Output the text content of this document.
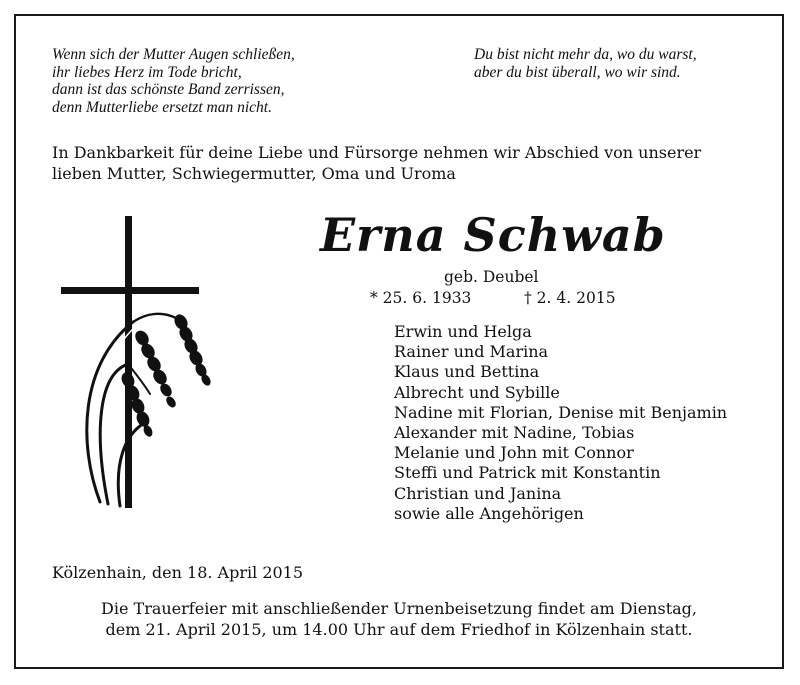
Wenn sich der Mutter Augen schließen,
ihr liebes Herz im Tode bricht,
dann ist das schönste Band zerrissen,
denn Mutterliebe ersetzt man nicht.
Du bist nicht mehr da, wo du warst,
aber du bist überall, wo wir sind.

In Dankbarkeit für deine Liebe und Fürsorge nehmen wir Abschied von unserer
lieben Mutter, Schwiegermutter, Oma und Uroma

Erna Schwab
geb. Deubel
* 25. 6. 1933	† 2. 4. 2015
Erwin und Helga
Rainer und Marina
Klaus und Bettina
Albrecht und Sybille
Nadine mit Florian, Denise mit Benjamin
Alexander mit Nadine, Tobias
Melanie und John mit Connor
Steffi und Patrick mit Konstantin
Christian und Janina
sowie alle Angehörigen
Kölzenhain, den 18. April 2015
Die Trauerfeier mit anschließender Urnenbeisetzung findet am Dienstag,
dem 21. April 2015, um 14.00 Uhr auf dem Friedhof in Kölzenhain statt.
